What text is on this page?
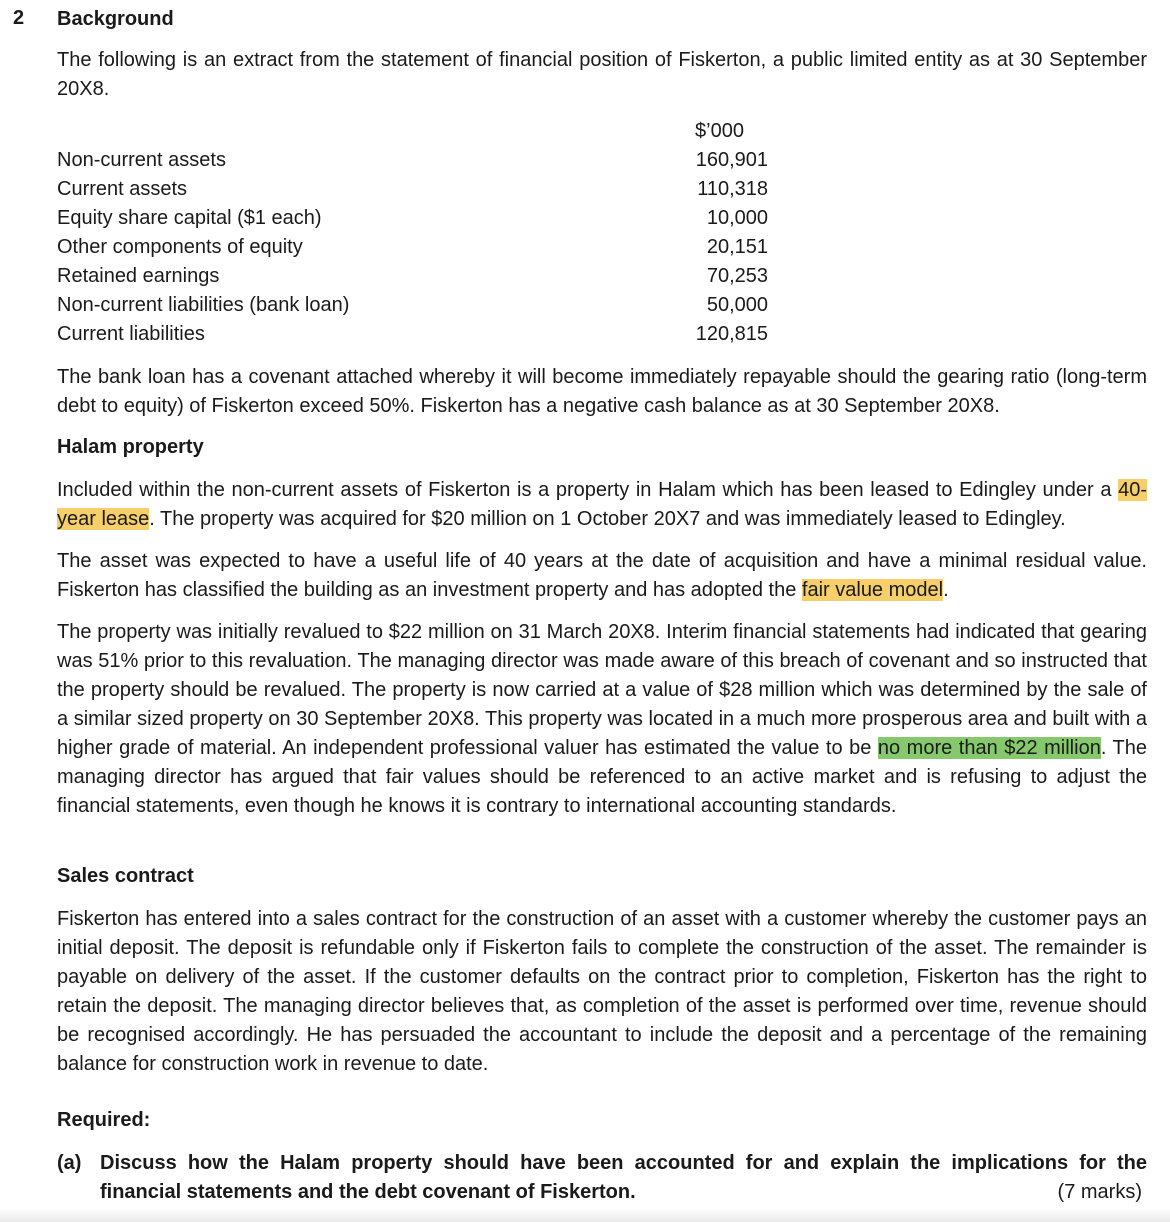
2 Background

The following is an extract from the statement of financial position of Fiskerton, a public limited entity as at 30 September 20X8.

$’000
Non-current assets	160,901
Current assets	110,318
Equity share capital ($1 each)	10,000
Other components of equity	20,151
Retained earnings	70,253
Non-current liabilities (bank loan)	50,000
Current liabilities	120,815

The bank loan has a covenant attached whereby it will become immediately repayable should the gearing ratio (long-term debt to equity) of Fiskerton exceed 50%. Fiskerton has a negative cash balance as at 30 September 20X8.

Halam property

Included within the non-current assets of Fiskerton is a property in Halam which has been leased to Edingley under a 40-year lease. The property was acquired for $20 million on 1 October 20X7 and was immediately leased to Edingley.

The asset was expected to have a useful life of 40 years at the date of acquisition and have a minimal residual value. Fiskerton has classified the building as an investment property and has adopted the fair value model.

The property was initially revalued to $22 million on 31 March 20X8. Interim financial statements had indicated that gearing was 51% prior to this revaluation. The managing director was made aware of this breach of covenant and so instructed that the property should be revalued. The property is now carried at a value of $28 million which was determined by the sale of a similar sized property on 30 September 20X8. This property was located in a much more prosperous area and built with a higher grade of material. An independent professional valuer has estimated the value to be no more than $22 million. The managing director has argued that fair values should be referenced to an active market and is refusing to adjust the financial statements, even though he knows it is contrary to international accounting standards.

Sales contract

Fiskerton has entered into a sales contract for the construction of an asset with a customer whereby the customer pays an initial deposit. The deposit is refundable only if Fiskerton fails to complete the construction of the asset. The remainder is payable on delivery of the asset. If the customer defaults on the contract prior to completion, Fiskerton has the right to retain the deposit. The managing director believes that, as completion of the asset is performed over time, revenue should be recognised accordingly. He has persuaded the accountant to include the deposit and a percentage of the remaining balance for construction work in revenue to date.

Required:
(a) Discuss how the Halam property should have been accounted for and explain the implications for the financial statements and the debt covenant of Fiskerton.	(7 marks)
